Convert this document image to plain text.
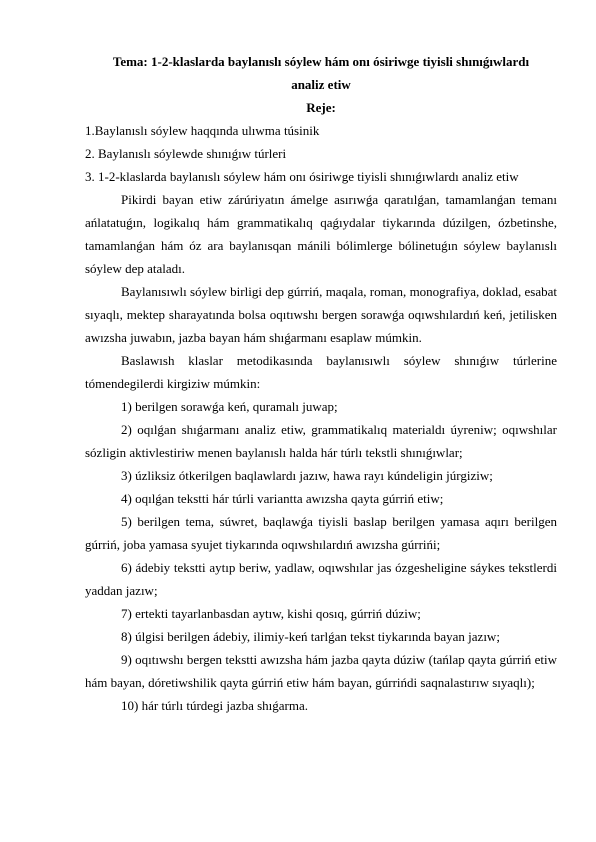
Tema: 1-2-klaslarda baylanıslı sóylew hám onı ósiriwge tiyisli shınıǵıwlardı
analiz etiw
Reje:
1.Baylanıslı sóylew haqqında ulıwma túsinik
2. Baylanıslı sóylewde shınıǵıw túrleri
3. 1-2-klaslarda baylanıslı sóylew hám onı ósiriwge tiyisli shınıǵıwlardı analiz etiw

Pikirdi bayan etiw zárúriyatın ámelge asırıwǵa qaratılǵan, tamamlanǵan temanı ańlatatuǵın, logikalıq hám grammatikalıq qaǵıydalar tiykarında dúzilgen, ózbetinshe, tamamlanǵan hám óz ara baylanısqan mánili bólimlerge bólinetuǵın sóylew baylanıslı sóylew dep ataladı.

Baylanısıwlı sóylew birligi dep gúrriń, maqala, roman, monografiya, doklad, esabat sıyaqlı, mektep sharayatında bolsa oqıtıwshı bergen sorawǵa oqıwshılardıń keń, jetilisken awızsha juwabın, jazba bayan hám shıǵarmanı esaplaw múmkin.

Baslawısh klaslar metodikasında baylanısıwlı sóylew shınıǵıw túrlerine tómendegilerdi kirgiziw múmkin:

1) berilgen sorawǵa keń, quramalı juwap;

2) oqılǵan shıǵarmanı analiz etiw, grammatikalıq materialdı úyreniw; oqıwshılar sózligin aktivlestiriw menen baylanıslı halda hár túrlı tekstli shınıǵıwlar;

3) úzliksiz ótkerilgen baqlawlardı jazıw, hawa rayı kúndeligin júrgiziw;

4) oqılǵan tekstti hár túrli variantta awızsha qayta gúrriń etiw;

5) berilgen tema, súwret, baqlawǵa tiyisli baslap berilgen yamasa aqırı berilgen gúrriń, joba yamasa syujet tiykarında oqıwshılardıń awızsha gúrrińi;

6) ádebiy tekstti aytıp beriw, yadlaw, oqıwshılar jas ózgesheligine sáykes tekstlerdi yaddan jazıw;

7) ertekti tayarlanbasdan aytıw, kishi qosıq, gúrriń dúziw;

8) úlgisi berilgen ádebiy, ilimiy-keń tarlǵan tekst tiykarında bayan jazıw;

9) oqıtıwshı bergen tekstti awızsha hám jazba qayta dúziw (tańlap qayta gúrriń etiw hám bayan, dóretiwshilik qayta gúrriń etiw hám bayan, gúrrińdi saqnalastırıw sıyaqlı);

10) hár túrlı túrdegi jazba shıǵarma.
